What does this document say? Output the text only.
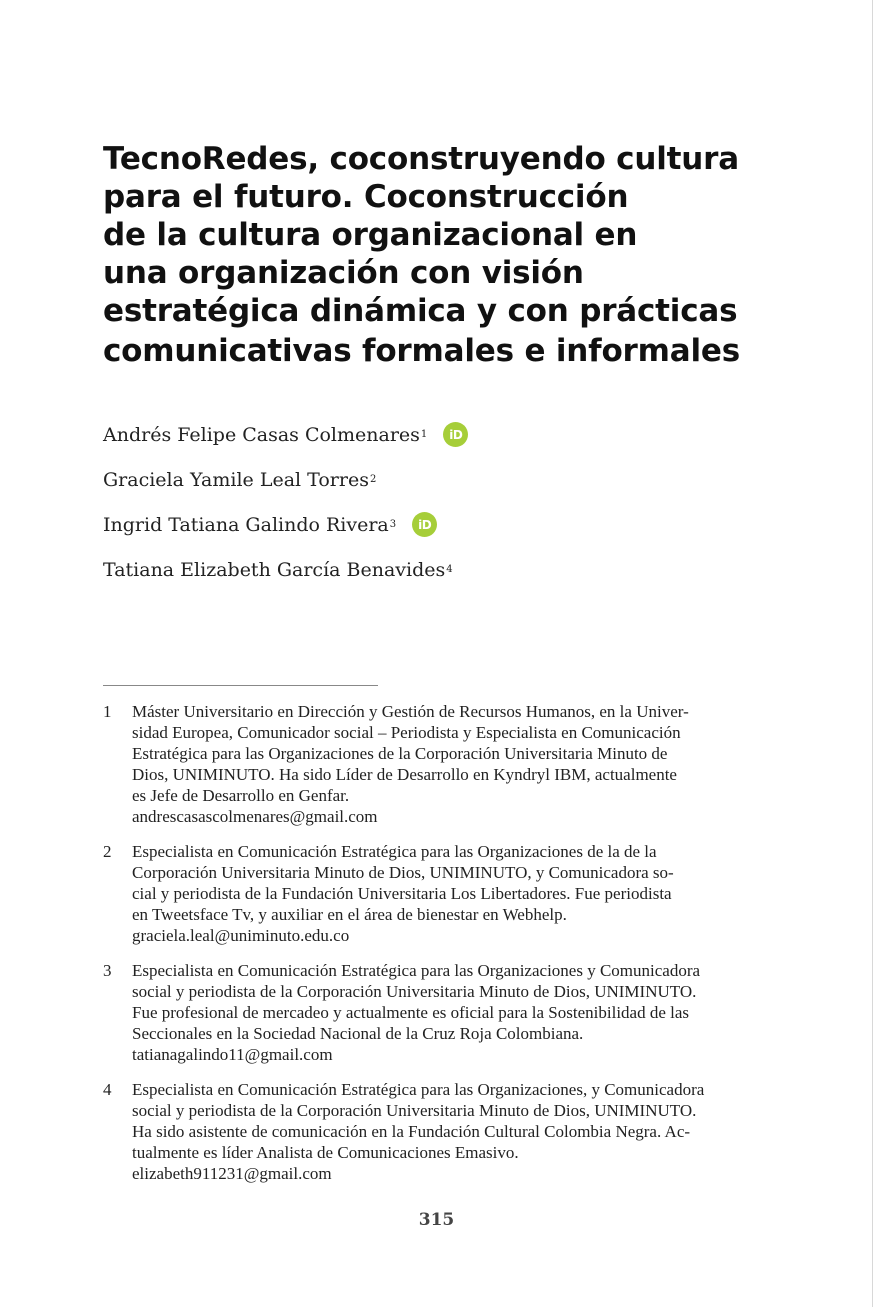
TecnoRedes, coconstruyendo cultura
para el futuro. Coconstrucción
de la cultura organizacional en
una organización con visión
estratégica dinámica y con prácticas
comunicativas formales e informales
Andrés Felipe Casas Colmenares 1	iD
Graciela Yamile Leal Torres 2
Ingrid Tatiana Galindo Rivera 3	iD
Tatiana Elizabeth García Benavides 4
1	Máster Universitario en Dirección y Gestión de Recursos Humanos, en la Univer-
sidad Europea, Comunicador social – Periodista y Especialista en Comunicación
Estratégica para las Organizaciones de la Corporación Universitaria Minuto de
Dios, UNIMINUTO. Ha sido Líder de Desarrollo en Kyndryl IBM, actualmente
es Jefe de Desarrollo en Genfar.
andrescasascolmenares@gmail.com
2	Especialista en Comunicación Estratégica para las Organizaciones de la de la
Corporación Universitaria Minuto de Dios, UNIMINUTO, y Comunicadora so-
cial y periodista de la Fundación Universitaria Los Libertadores. Fue periodista
en Tweetsface Tv, y auxiliar en el área de bienestar en Webhelp.
graciela.leal@uniminuto.edu.co
3	Especialista en Comunicación Estratégica para las Organizaciones y Comunicadora
social y periodista de la Corporación Universitaria Minuto de Dios, UNIMINUTO.
Fue profesional de mercadeo y actualmente es oficial para la Sostenibilidad de las
Seccionales en la Sociedad Nacional de la Cruz Roja Colombiana.
tatianagalindo11@gmail.com
4	Especialista en Comunicación Estratégica para las Organizaciones, y Comunicadora
social y periodista de la Corporación Universitaria Minuto de Dios, UNIMINUTO.
Ha sido asistente de comunicación en la Fundación Cultural Colombia Negra. Ac-
tualmente es líder Analista de Comunicaciones Emasivo.
elizabeth911231@gmail.com
315
